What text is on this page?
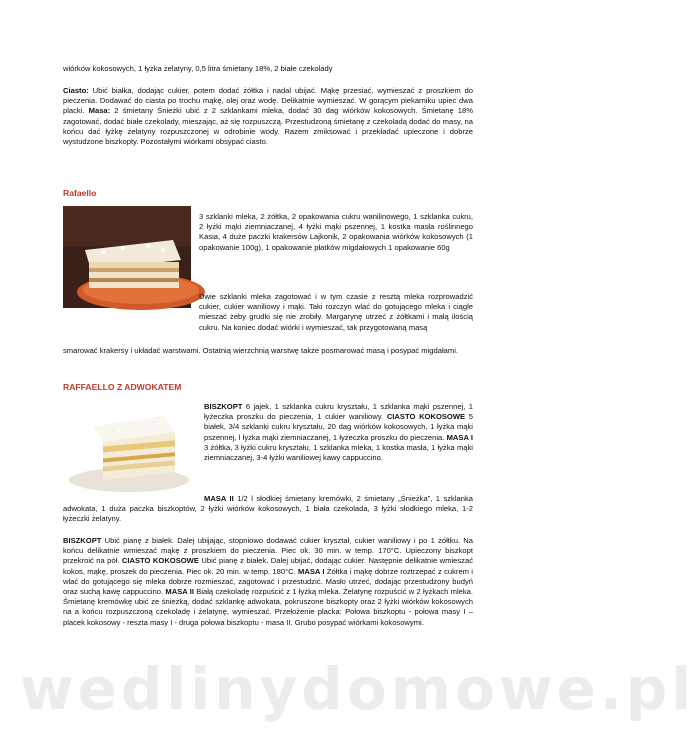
wiórków kokosowych, 1 łyżka żelatyny, 0,5 litra śmietany 18%, 2 białe czekolady

Ciasto: Ubić białka, dodając cukier, potem dodać żółtka i nadal ubijać. Mąkę przesiać, wymieszać z proszkiem do pieczenia. Dodawać do ciasta po trochu mąkę, olej oraz wodę. Delikatnie wymieszać. W gorącym piekarniku upiec dwa placki. Masa: 2 śmietany Śnieżki ubić z 2 szklankami mleka, dodać 30 dag wiórków kokosowych. Śmietanę 18% zagotować, dodać białe czekolady, mieszając, aż się rozpuszczą. Przestudzoną śmietanę z czekoladą dodać do masy, na końcu dać łyżkę żelatyny rozpuszczonej w odrobinie wody. Razem zmiksować i przekładać upieczone i dobrze wystudzone biszkopty. Pozostałymi wiórkami obsypać ciasto.

Rafaello

3 szklanki mleka, 2 żółtka, 2 opakowania cukru wanilinowego, 1 szklanka cukru, 2 łyżki mąki ziemniaczanej, 4 łyżki mąki pszennej, 1 kostka masła roślinnego Kasia, 4 duże paczki krakersów Lajkonik, 2 opakowania wiórków kokosowych (1 opakowanie 100g), 1 opakowanie płatków migdałowych 1 opakowanie 60g

Dwie szklanki mleka zagotować i w tym czasie z resztą mleka rozprowadzić cukier, cukier waniliowy i mąki. Taki rozczyn wlać do gotującego mleka i ciągle mieszać żeby grudki się nie zrobiły. Margarynę utrzeć z żółtkami i małą ilością cukru. Na koniec dodać wiórki i wymieszać, tak przygotowaną masą

smarować krakersy i układać warstwami. Ostatnią wierzchnią warstwę także posmarować masą i posypać migdałami.

RAFFAELLO Z ADWOKATEM

BISZKOPT 6 jajek, 1 szklanka cukru kryształu, 1 szklanka mąki pszennej, 1 łyżeczka proszku do pieczenia, 1 cukier waniliowy. CIASTO KOKOSOWE 5 białek, 3/4 szklanki cukru kryształu, 20 dag wiórków kokosowych, 1 łyżka mąki pszennej, l łyżka mąki ziemniaczanej, 1 łyżeczka proszku do pieczenia. MASA I 3 żółtka, 3 łyżki cukru kryształu, 1 szklanka mleka, 1 kostka masła, 1 łyżka mąki ziemniaczanej, 3-4 łyżki waniliowej kawy cappuccino.

MASA II 1/2 l słodkiej śmietany kremówki, 2 śmietany „Śnieżka”, 1 szklanka adwokata, 1 duża paczka biszkoptów, 2 łyżki wiórków kokosowych, 1 biała czekolada, 3 łyżki słodkiego mleka, 1-2 łyżeczki żelatyny.

BISZKOPT Ubić pianę z białek. Dalej ubijając, stopniowo dodawać cukier kryształ, cukier waniliowy i po 1 żółtku. Na końcu delikatnie wmieszać mąkę z proszkiem do pieczenia. Piec ok. 30 min. w temp. 170°C. Upieczony biszkopt przekroić na pół. CIASTO KOKOSOWE Ubić pianę z białek. Dalej ubijać, dodając cukier. Następnie delikatnie wmieszać kokos, mąkę, proszek do pieczenia. Piec ok. 20 min. w temp. 180°C. MASA I Żółtka i mąkę dobrze roztrzepać z cukrem i wlać do gotującego się mleka dobrze rozmieszać, zagotować i przestudzić. Masło utrzeć, dodając przestudzony budyń oraz suchą kawę cappuccino. MASA II Białą czekoladę rozpuścić z 1 łyżką mleka. Żelatynę rozpuścić w 2 łyżkach mleka. Śmietanę kremówkę ubić ze śnieżką, dodać szklankę adwokata, pokruszone biszkopty oraz 2 łyżki wiórków kokosowych na a końcu rozpuszczoną czekoladę i żelatynę, wymieszać. Przełożenie placka: Połowa biszkoptu - połowa masy I – placek kokosowy - reszta masy I - druga połowa biszkoptu - masa II. Grubo posypać wiórkami kokosowymi.

wedlinydomowe.pl
